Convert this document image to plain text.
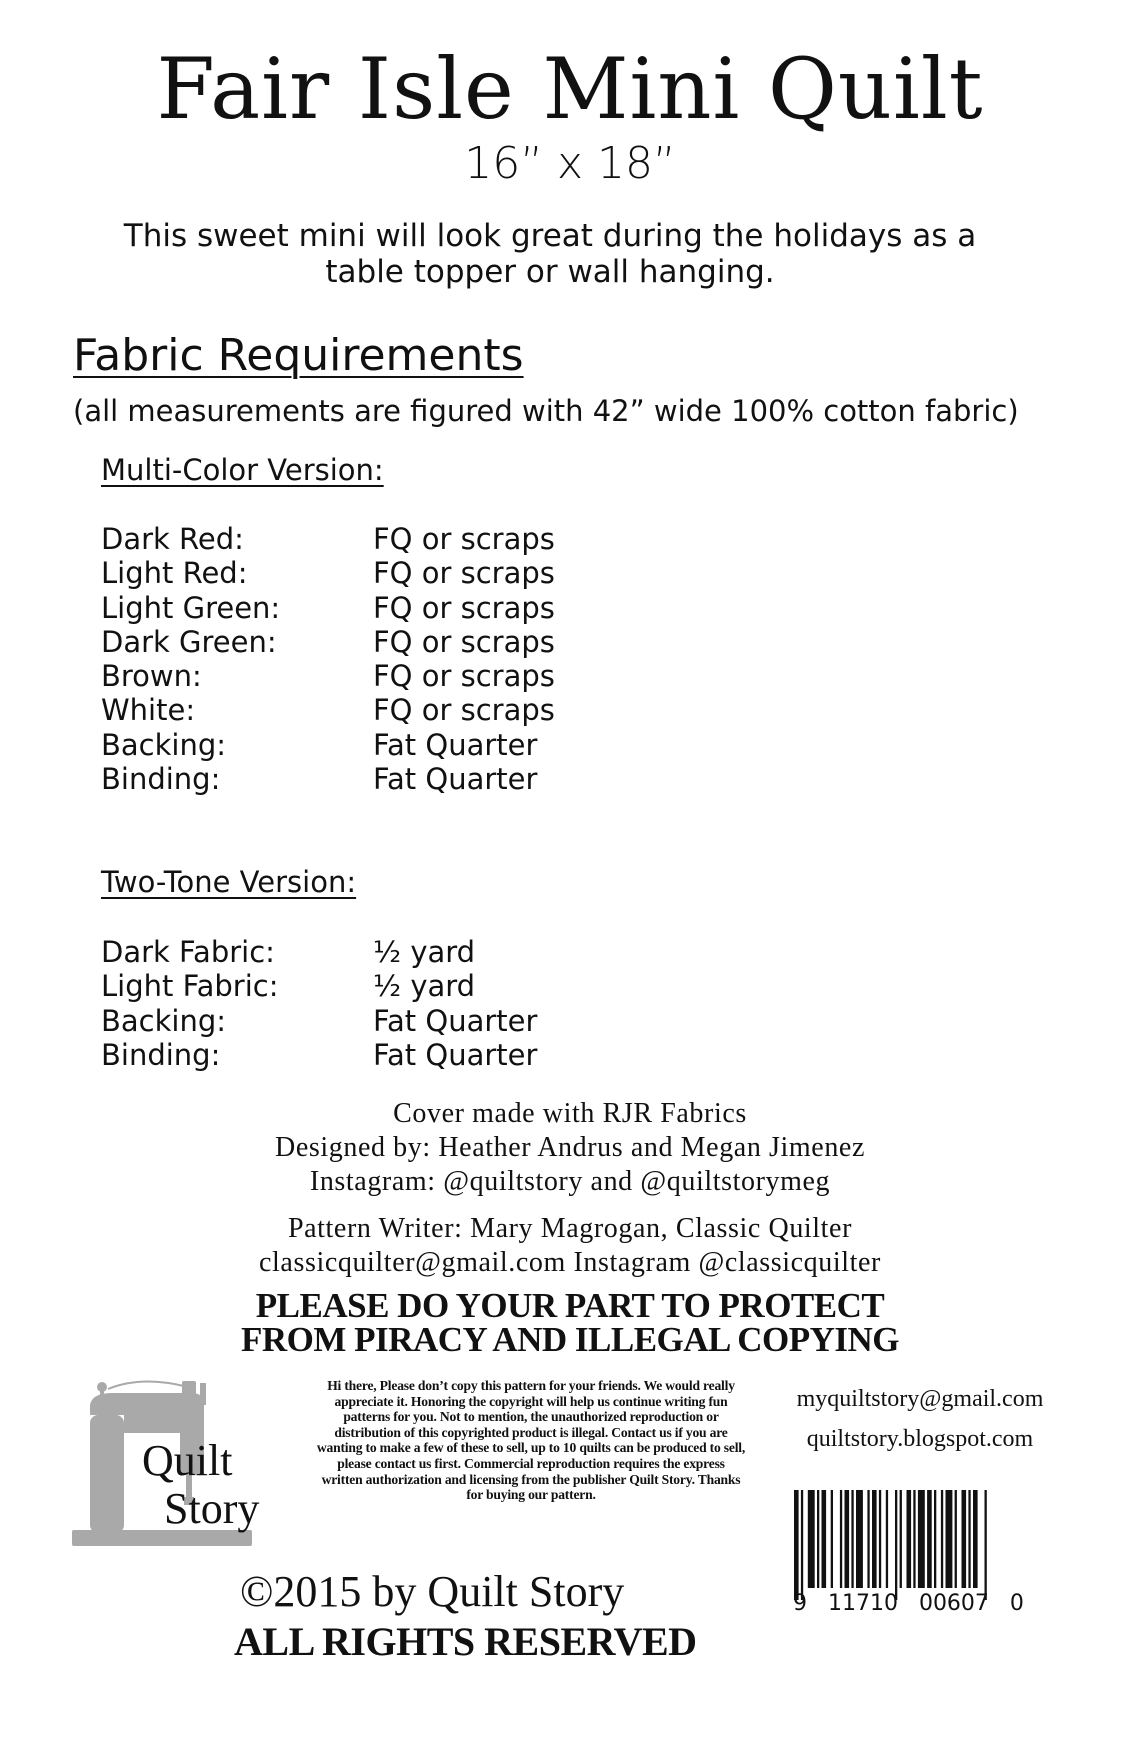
Fair Isle Mini Quilt
16” x 18”
This sweet mini will look great during the holidays as a table topper or wall hanging.
Fabric Requirements
(all measurements are figured with 42” wide 100% cotton fabric)
Multi-Color Version:
Dark Red:	FQ or scraps
Light Red:	FQ or scraps
Light Green:	FQ or scraps
Dark Green:	FQ or scraps
Brown:	FQ or scraps
White:	FQ or scraps
Backing:	Fat Quarter
Binding:	Fat Quarter
Two-Tone Version:
Dark Fabric:	½ yard
Light Fabric:	½ yard
Backing:	Fat Quarter
Binding:	Fat Quarter
Cover made with RJR Fabrics
Designed by: Heather Andrus and Megan Jimenez
Instagram: @quiltstory and @quiltstorymeg
Pattern Writer: Mary Magrogan, Classic Quilter
classicquilter@gmail.com Instagram @classicquilter
PLEASE DO YOUR PART TO PROTECT
FROM PIRACY AND ILLEGAL COPYING
Quilt
Story
Hi there, Please don’t copy this pattern for your friends. We would really appreciate it. Honoring the copyright will help us continue writing fun patterns for you. Not to mention, the unauthorized reproduction or distribution of this copyrighted product is illegal. Contact us if you are wanting to make a few of these to sell, up to 10 quilts can be produced to sell, please contact us first. Commercial reproduction requires the express written authorization and licensing from the publisher Quilt Story. Thanks for buying our pattern.
myquiltstory@gmail.com
quiltstory.blogspot.com
9   11710   00607   0
©2015 by Quilt Story
ALL RIGHTS RESERVED
